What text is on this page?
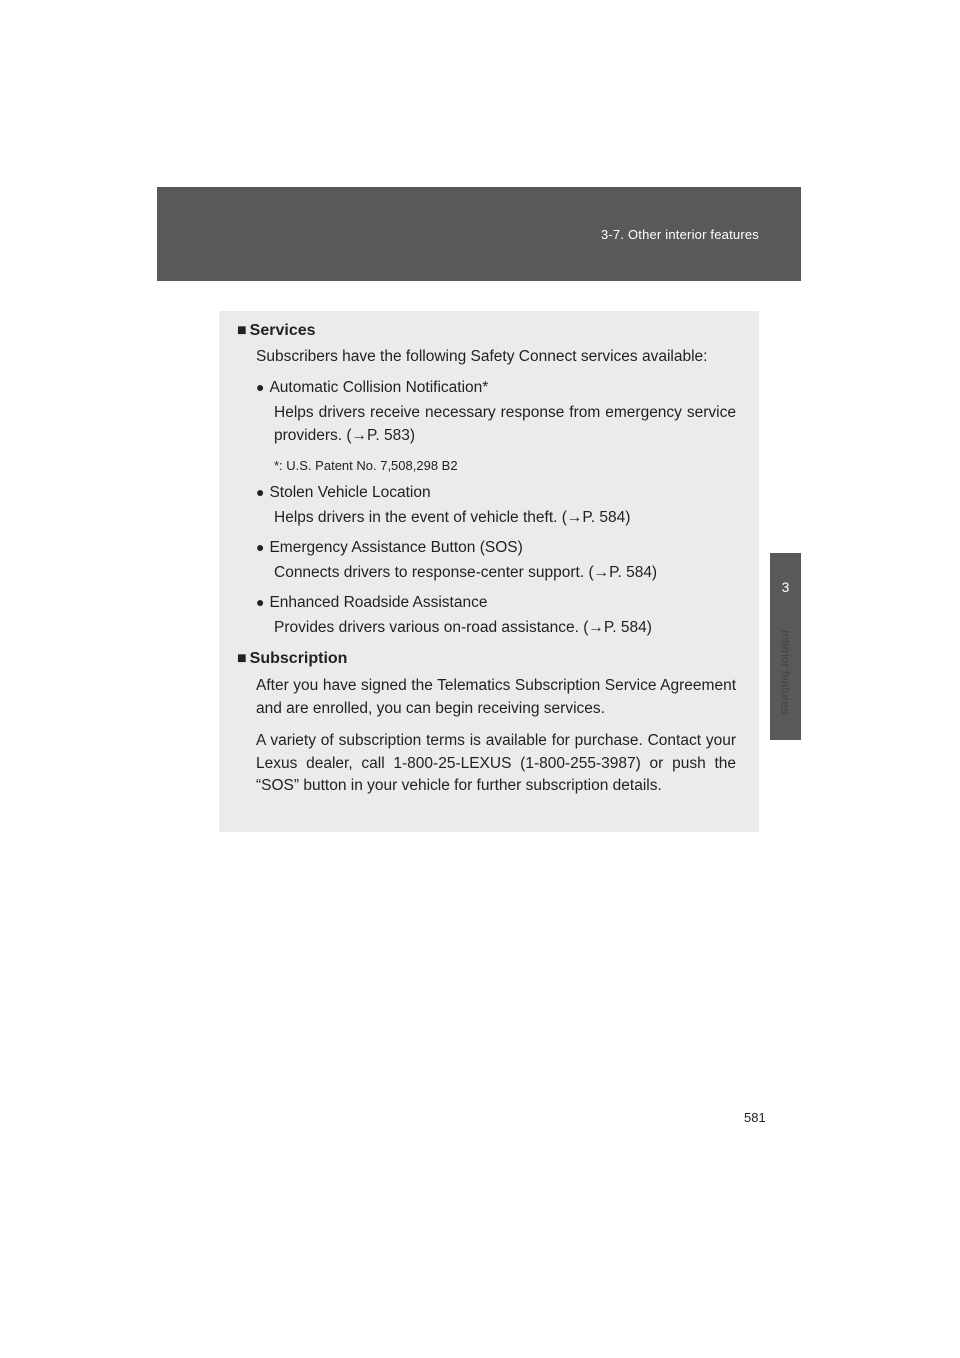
3-7. Other interior features
3
Interior features
■ Services
Subscribers have the following Safety Connect services available:
● Automatic Collision Notification*
Helps drivers receive necessary response from emergency service providers. (→P. 583)
*: U.S. Patent No. 7,508,298 B2
● Stolen Vehicle Location
Helps drivers in the event of vehicle theft. (→P. 584)
● Emergency Assistance Button (SOS)
Connects drivers to response-center support. (→P. 584)
● Enhanced Roadside Assistance
Provides drivers various on-road assistance. (→P. 584)
■ Subscription
After you have signed the Telematics Subscription Service Agreement and are enrolled, you can begin receiving services.
A variety of subscription terms is available for purchase. Contact your Lexus dealer, call 1-800-25-LEXUS (1-800-255-3987) or push the “SOS” button in your vehicle for further subscription details.
581
